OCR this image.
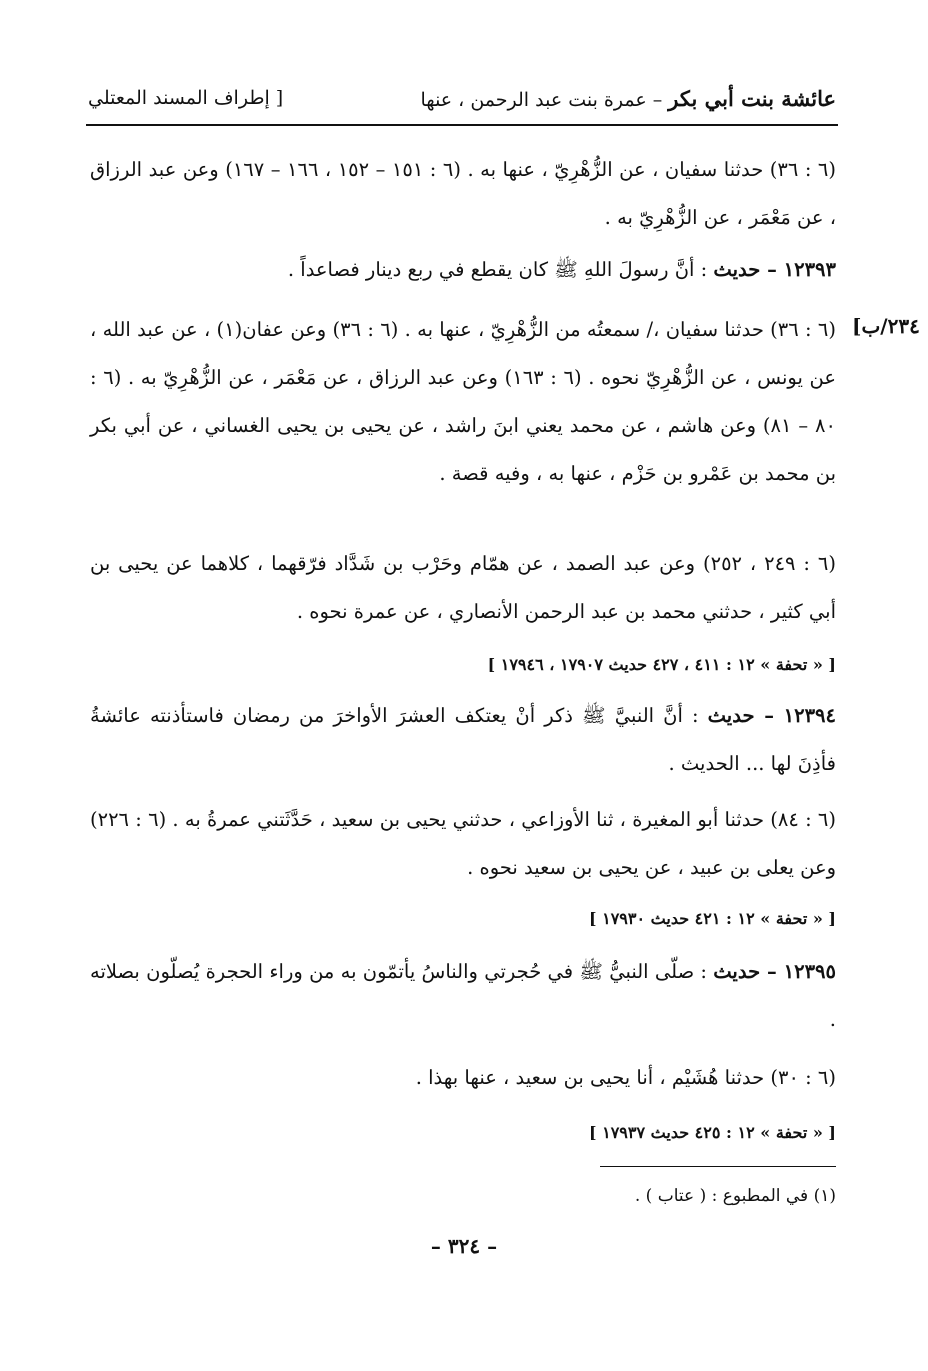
عائشة بنت أبي بكر – عمرة بنت عبد الرحمن ، عنها
[ إطراف المسند المعتلي
[٢٣٤/ب

(٦ : ٣٦) حدثنا سفيان ، عن الزُّهْرِيّ ، عنها به . (٦ : ١٥١ – ١٥٢ ، ١٦٦ – ١٦٧) وعن عبد الرزاق ، عن مَعْمَر ، عن الزُّهْرِيّ به .

١٢٣٩٣ – حديث : أنَّ رسولَ اللهِ ﷺ كان يقطع في ربع دينار فصاعداً .

(٦ : ٣٦) حدثنا سفيان ،/ سمعتُه من الزُّهْرِيّ ، عنها به . (٦ : ٣٦) وعن عفان(١) ، عن عبد الله ، عن يونس ، عن الزُّهْرِيّ نحوه . (٦ : ١٦٣) وعن عبد الرزاق ، عن مَعْمَر ، عن الزُّهْرِيّ به . (٦ : ٨٠ – ٨١) وعن هاشم ، عن محمد يعني ابنَ راشد ، عن يحيى بن يحيى الغساني ، عن أبي بكر بن محمد بن عَمْرو بن حَزْم ، عنها به ، وفيه قصة .

(٦ : ٢٤٩ ، ٢٥٢) وعن عبد الصمد ، عن همّام وحَرْب بن شَدَّاد فرّقهما ، كلاهما عن يحيى بن أبي كثير ، حدثني محمد بن عبد الرحمن الأنصاري ، عن عمرة نحوه .

[ « تحفة » ١٢ : ٤١١ ، ٤٢٧ حديث ١٧٩٠٧ ، ١٧٩٤٦ ]

١٢٣٩٤ – حديث : أنَّ النبيَّ ﷺ ذكر أنْ يعتكف العشرَ الأواخرَ من رمضان فاستأذنته عائشةُ فأذِنَ لها ... الحديث .

(٦ : ٨٤) حدثنا أبو المغيرة ، ثنا الأوزاعي ، حدثني يحيى بن سعيد ، حَدَّثَتني عمرةُ به . (٦ : ٢٢٦) وعن يعلى بن عبيد ، عن يحيى بن سعيد نحوه .

[ « تحفة » ١٢ : ٤٢١ حديث ١٧٩٣٠ ]

١٢٣٩٥ – حديث : صلّى النبيُّ ﷺ في حُجرتي والناسُ يأتمّون به من وراء الحجرة يُصلّون بصلاته .

(٦ : ٣٠) حدثنا هُشَيْم ، أنا يحيى بن سعيد ، عنها بهذا .

[ « تحفة » ١٢ : ٤٢٥ حديث ١٧٩٣٧ ]

(١) في المطبوع : ( عتاب ) .

– ٣٢٤ –
